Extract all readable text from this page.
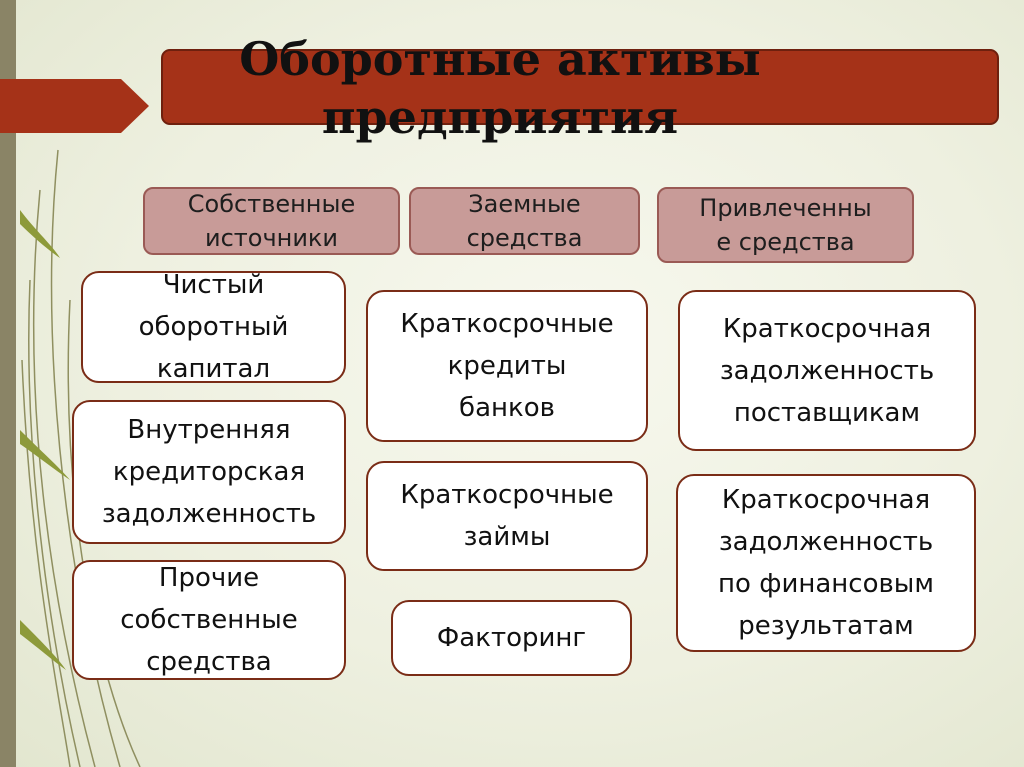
Оборотные активы
предприятия
Собственные
источники
Заемные
средства
Привлеченны
е средства
Чистый
оборотный
капитал
Внутренняя
кредиторская
задолженность
Прочие
собственные
средства
Краткосрочные
кредиты
банков
Краткосрочные
займы
Факторинг
Краткосрочная
задолженность
поставщикам
Краткосрочная
задолженность
по финансовым
результатам
